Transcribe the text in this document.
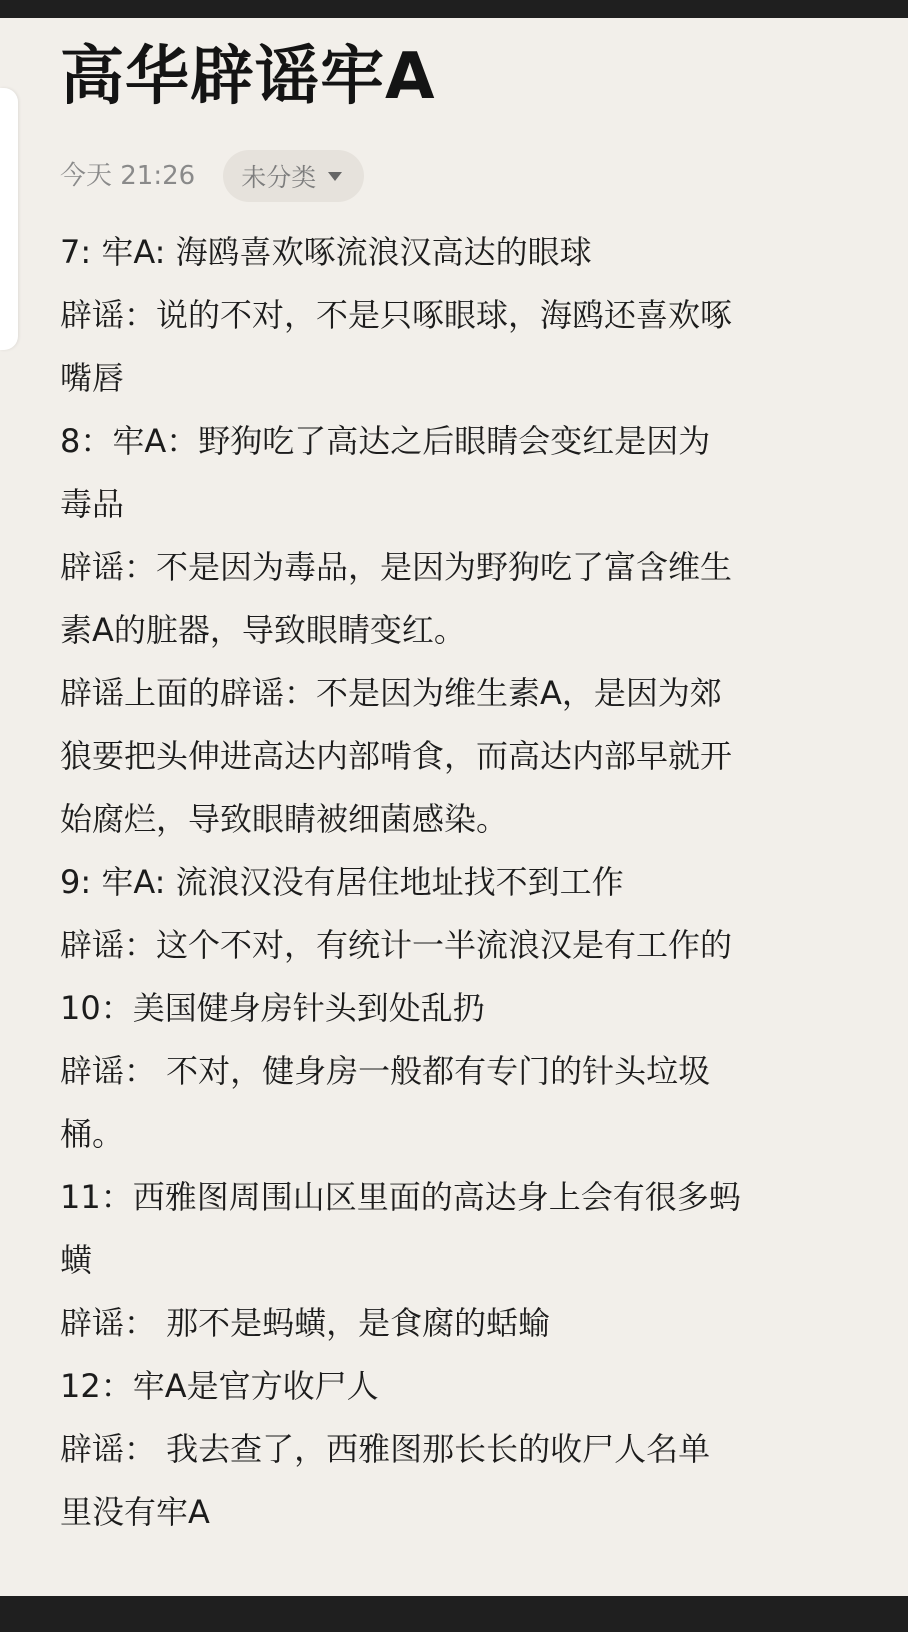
高华辟谣牢A
今天 21:26 未分类
7: 牢A: 海鸥喜欢啄流浪汉高达的眼球
辟谣：说的不对，不是只啄眼球，海鸥还喜欢啄
嘴唇
8：牢A：野狗吃了高达之后眼睛会变红是因为
毒品
辟谣：不是因为毒品，是因为野狗吃了富含维生
素A的脏器，导致眼睛变红。
辟谣上面的辟谣：不是因为维生素A，是因为郊
狼要把头伸进高达内部啃食，而高达内部早就开
始腐烂，导致眼睛被细菌感染。
9: 牢A: 流浪汉没有居住地址找不到工作
辟谣：这个不对，有统计一半流浪汉是有工作的
10：美国健身房针头到处乱扔
辟谣： 不对，健身房一般都有专门的针头垃圾
桶。
11：西雅图周围山区里面的高达身上会有很多蚂
蟥
辟谣： 那不是蚂蟥，是食腐的蛞蝓
12：牢A是官方收尸人
辟谣： 我去查了，西雅图那长长的收尸人名单
里没有牢A
